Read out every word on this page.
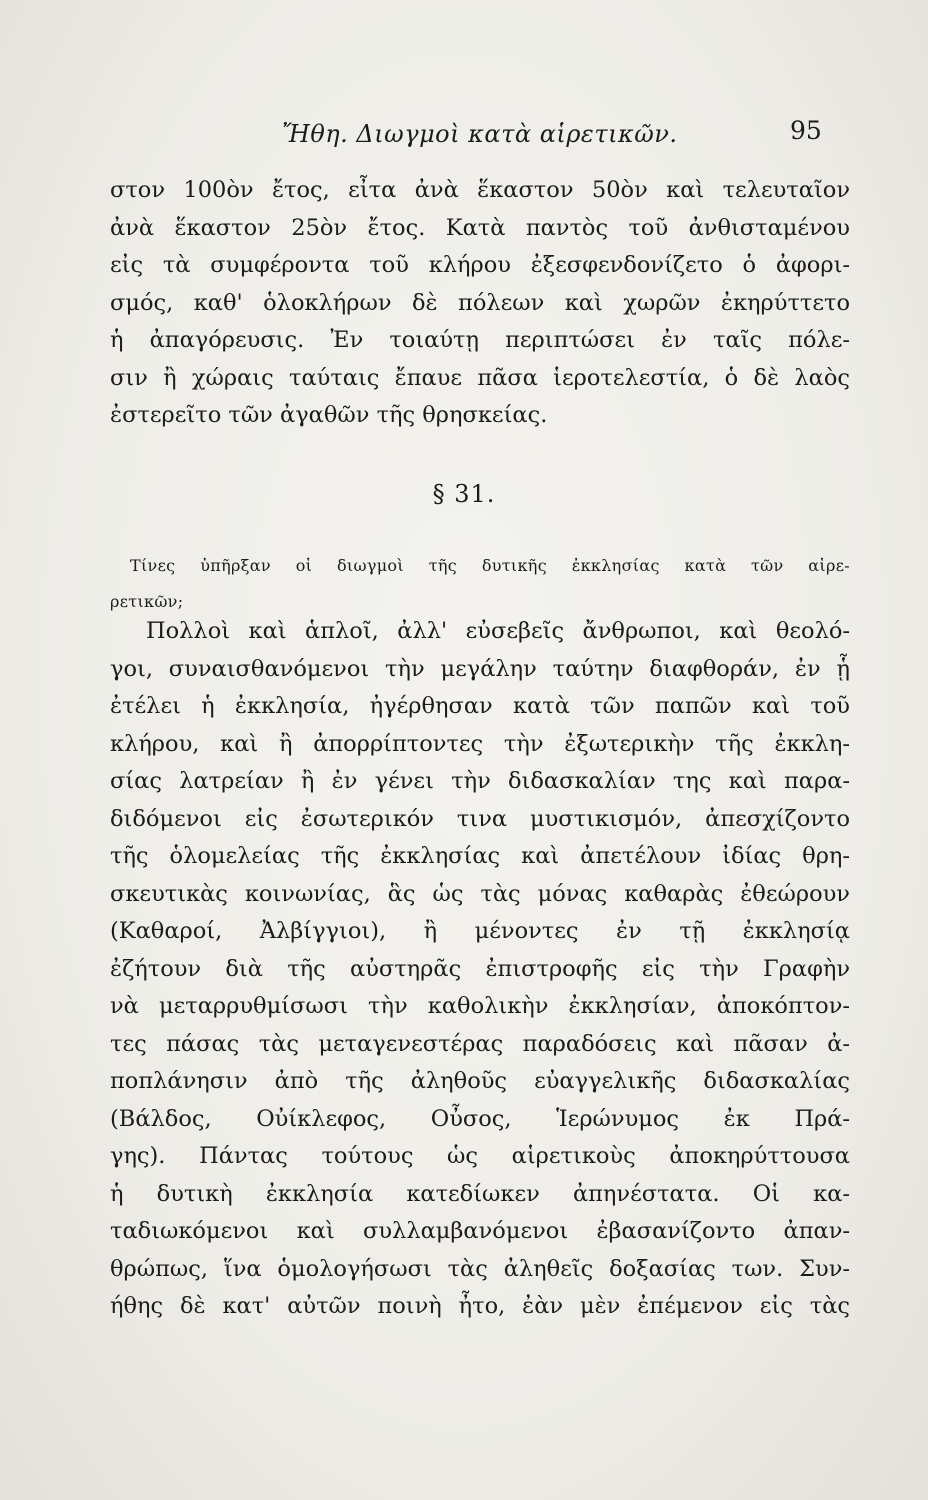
Ἤθη. Διωγμοὶ κατὰ αἱρετικῶν.	95
στον 100ὸν ἔτος, εἶτα ἀνὰ ἕκαστον 50ὸν καὶ τελευταῖον
ἀνὰ ἕκαστον 25ὸν ἔτος. Κατὰ παντὸς τοῦ ἀνθισταμένου
εἰς τὰ συμφέροντα τοῦ κλήρου ἐξεσφενδονίζετο ὁ ἀφορι-
σμός, καθ' ὁλοκλήρων δὲ πόλεων καὶ χωρῶν ἐκηρύττετο
ἡ ἀπαγόρευσις. Ἐν τοιαύτῃ περιπτώσει ἐν ταῖς πόλε-
σιν ἢ χώραις ταύταις ἔπαυε πᾶσα ἱεροτελεστία, ὁ δὲ λαὸς
ἐστερεῖτο τῶν ἀγαθῶν τῆς θρησκείας.
§ 31.
Τίνες ὑπῆρξαν οἱ διωγμοὶ τῆς δυτικῆς ἐκκλησίας κατὰ τῶν αἱρε-
ρετικῶν;
Πολλοὶ καὶ ἁπλοῖ, ἀλλ' εὐσεβεῖς ἄνθρωποι, καὶ θεολό-
γοι, συναισθανόμενοι τὴν μεγάλην ταύτην διαφθοράν, ἐν ᾗ
ἐτέλει ἡ ἐκκλησία, ἠγέρθησαν κατὰ τῶν παπῶν καὶ τοῦ
κλήρου, καὶ ἢ ἀπορρίπτοντες τὴν ἐξωτερικὴν τῆς ἐκκλη-
σίας λατρείαν ἢ ἐν γένει τὴν διδασκαλίαν της καὶ παρα-
διδόμενοι εἰς ἐσωτερικόν τινα μυστικισμόν, ἀπεσχίζοντο
τῆς ὁλομελείας τῆς ἐκκλησίας καὶ ἀπετέλουν ἰδίας θρη-
σκευτικὰς κοινωνίας, ἃς ὡς τὰς μόνας καθαρὰς ἐθεώρουν
(Καθαροί, Ἀλβίγγιοι), ἢ μένοντες ἐν τῇ ἐκκλησίᾳ
ἐζήτουν διὰ τῆς αὐστηρᾶς ἐπιστροφῆς εἰς τὴν Γραφὴν
νὰ μεταρρυθμίσωσι τὴν καθολικὴν ἐκκλησίαν, ἀποκόπτον-
τες πάσας τὰς μεταγενεστέρας παραδόσεις καὶ πᾶσαν ἀ-
ποπλάνησιν ἀπὸ τῆς ἀληθοῦς εὐαγγελικῆς διδασκαλίας
(Βάλδος, Οὐίκλεφος, Οὖσος, Ἱερώνυμος ἐκ Πρά-
γης). Πάντας τούτους ὡς αἱρετικοὺς ἀποκηρύττουσα
ἡ δυτικὴ ἐκκλησία κατεδίωκεν ἀπηνέστατα. Οἱ κα-
ταδιωκόμενοι καὶ συλλαμβανόμενοι ἐβασανίζοντο ἀπαν-
θρώπως, ἵνα ὁμολογήσωσι τὰς ἀληθεῖς δοξασίας των. Συν-
ήθης δὲ κατ' αὐτῶν ποινὴ ἦτο, ἐὰν μὲν ἐπέμενον εἰς τὰς
